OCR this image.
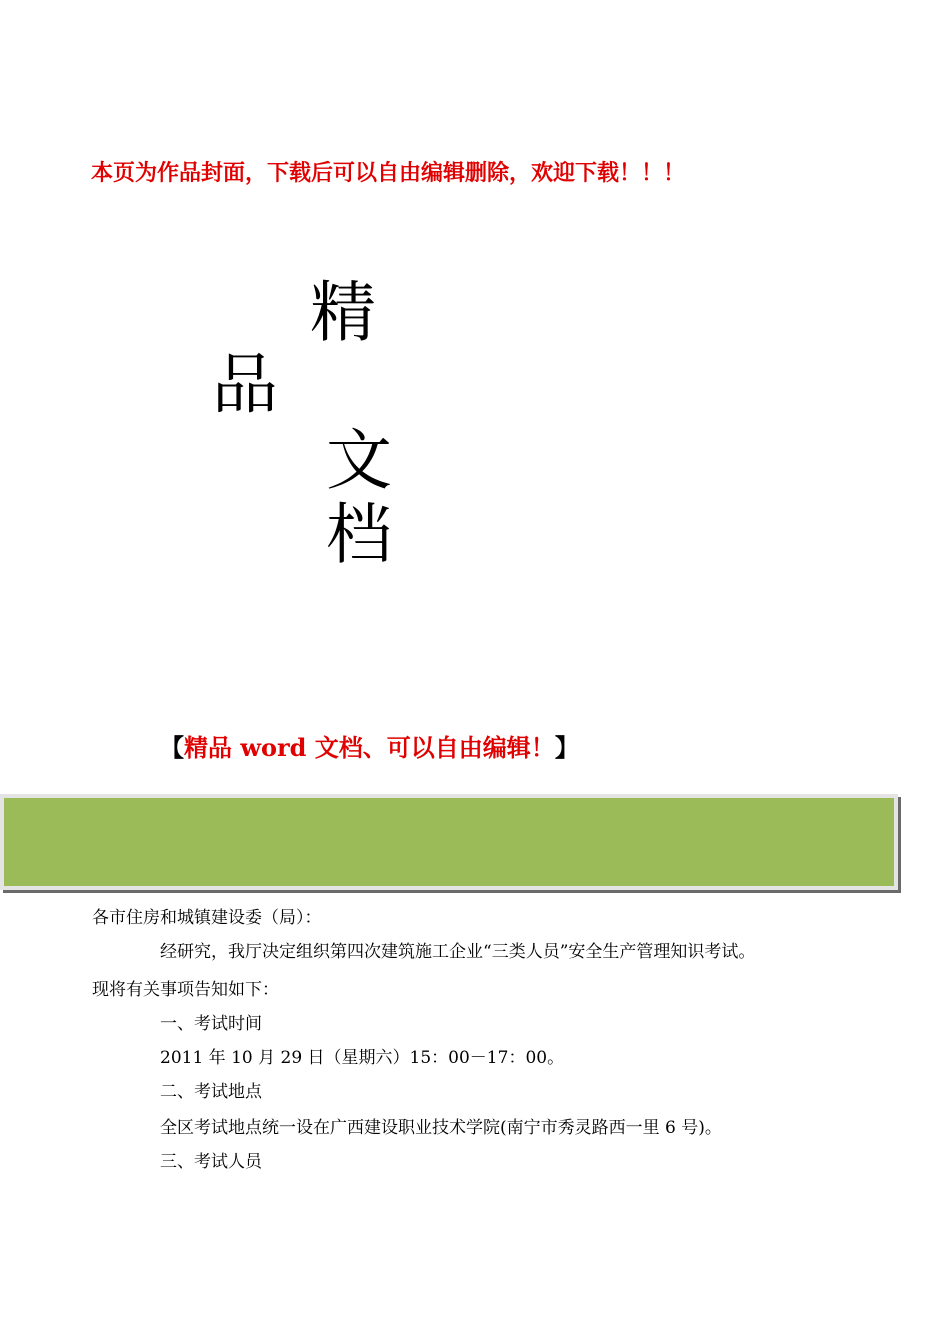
本页为作品封面，下载后可以自由编辑删除，欢迎下载！！！
精
品
文
档
【精品 word 文档、可以自由编辑！】
各市住房和城镇建设委（局）：
经研究，我厅决定组织第四次建筑施工企业“三类人员”安全生产管理知识考试。
现将有关事项告知如下：
一、考试时间
2011 年 10 月 29 日（星期六）15：00－17：00。
二、考试地点
全区考试地点统一设在广西建设职业技术学院(南宁市秀灵路西一里 6 号)。
三、考试人员
